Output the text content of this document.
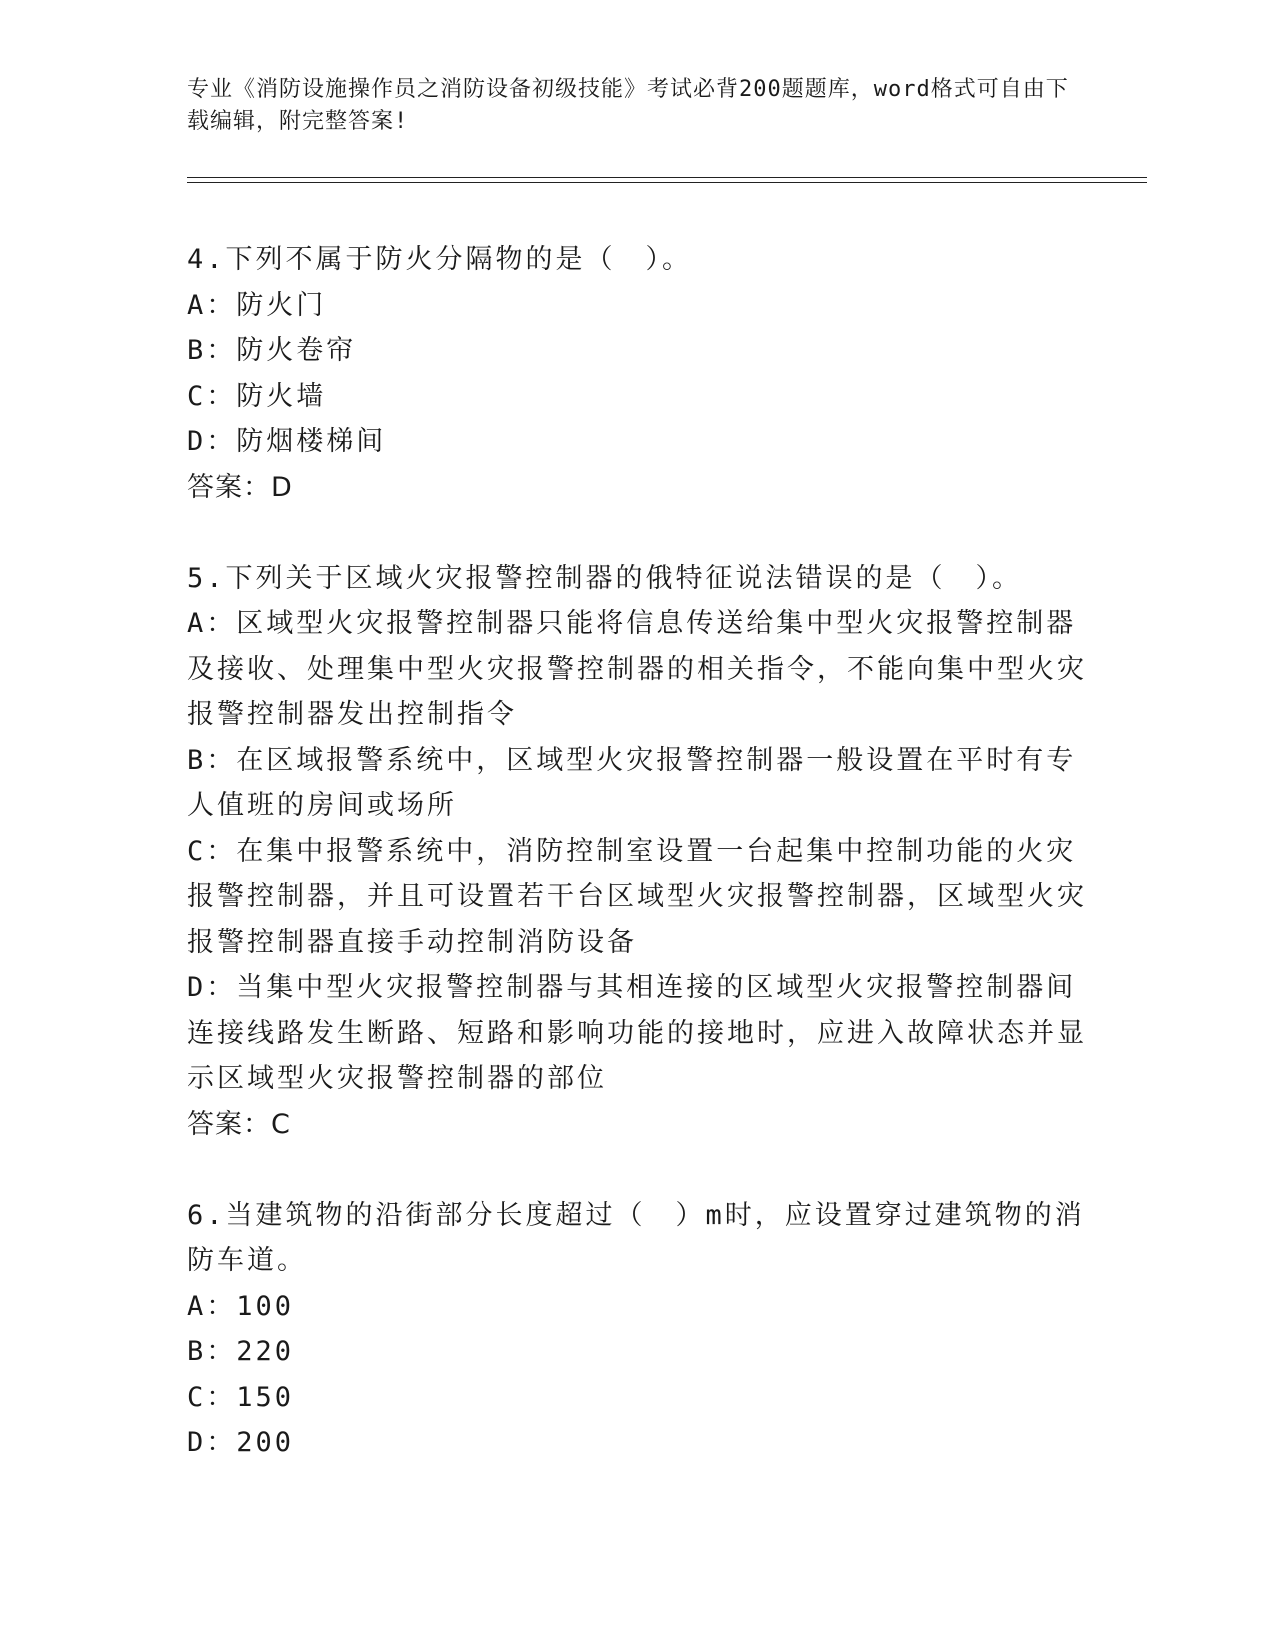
专业《消防设施操作员之消防设备初级技能》考试必背200题题库，word格式可自由下载编辑，附完整答案!
4.下列不属于防火分隔物的是（　）。
A：防火门
B：防火卷帘
C：防火墙
D：防烟楼梯间
答案：D
5.下列关于区域火灾报警控制器的俄特征说法错误的是（　）。
A：区域型火灾报警控制器只能将信息传送给集中型火灾报警控制器及接收、处理集中型火灾报警控制器的相关指令，不能向集中型火灾报警控制器发出控制指令
B：在区域报警系统中，区域型火灾报警控制器一般设置在平时有专人值班的房间或场所
C：在集中报警系统中，消防控制室设置一台起集中控制功能的火灾报警控制器，并且可设置若干台区域型火灾报警控制器，区域型火灾报警控制器直接手动控制消防设备
D：当集中型火灾报警控制器与其相连接的区域型火灾报警控制器间连接线路发生断路、短路和影响功能的接地时，应进入故障状态并显示区域型火灾报警控制器的部位
答案：C
6.当建筑物的沿街部分长度超过（　）m时，应设置穿过建筑物的消防车道。
A：100
B：220
C：150
D：200
